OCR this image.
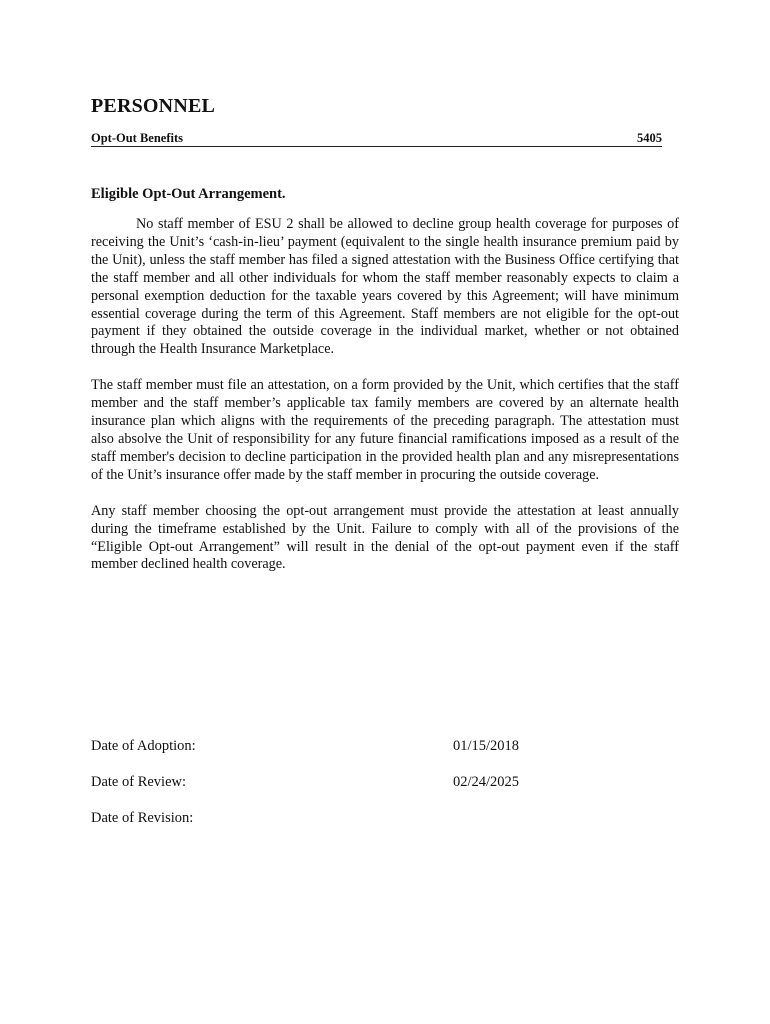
PERSONNEL
Opt-Out Benefits	5405
Eligible Opt-Out Arrangement.

No staff member of ESU 2 shall be allowed to decline group health coverage for purposes of receiving the Unit’s ‘cash-in-lieu’ payment (equivalent to the single health insurance premium paid by the Unit), unless the staff member has filed a signed attestation with the Business Office certifying that the staff member and all other individuals for whom the staff member reasonably expects to claim a personal exemption deduction for the taxable years covered by this Agreement; will have minimum essential coverage during the term of this Agreement. Staff members are not eligible for the opt-out payment if they obtained the outside coverage in the individual market, whether or not obtained through the Health Insurance Marketplace.

The staff member must file an attestation, on a form provided by the Unit, which certifies that the staff member and the staff member’s applicable tax family members are covered by an alternate health insurance plan which aligns with the requirements of the preceding paragraph. The attestation must also absolve the Unit of responsibility for any future financial ramifications imposed as a result of the staff member's decision to decline participation in the provided health plan and any misrepresentations of the Unit’s insurance offer made by the staff member in procuring the outside coverage.

Any staff member choosing the opt-out arrangement must provide the attestation at least annually during the timeframe established by the Unit. Failure to comply with all of the provisions of the “Eligible Opt-out Arrangement” will result in the denial of the opt-out payment even if the staff member declined health coverage.

Date of Adoption:	01/15/2018
Date of Review:	02/24/2025
Date of Revision:
